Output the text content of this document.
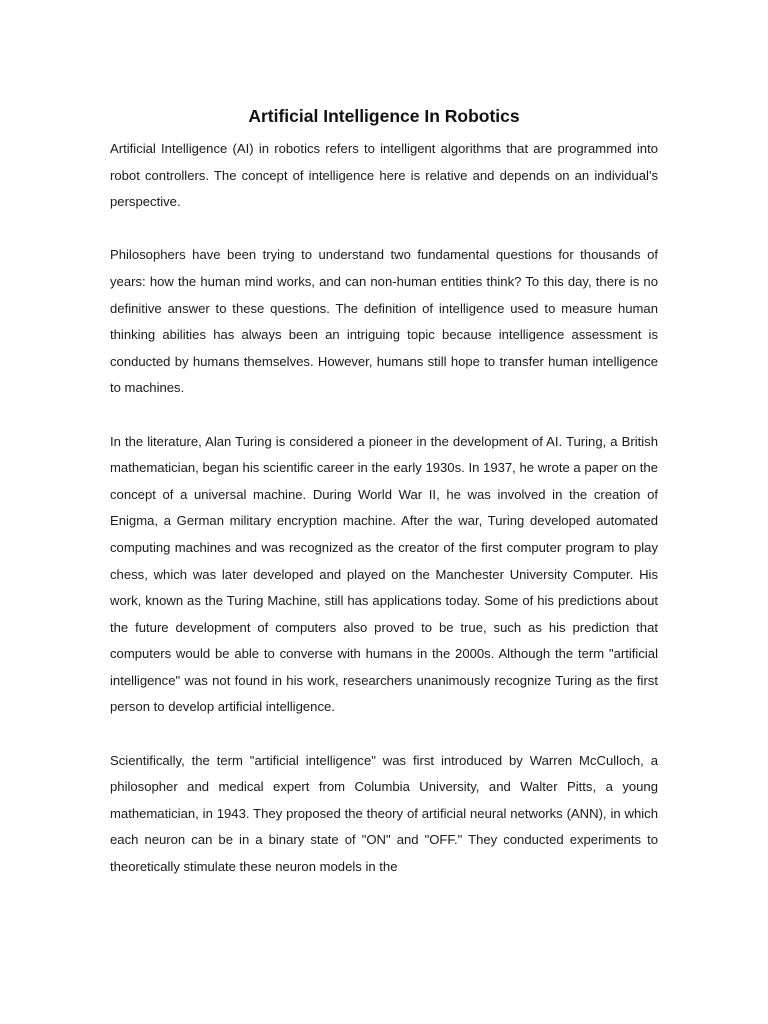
Artificial Intelligence In Robotics

Artificial Intelligence (AI) in robotics refers to intelligent algorithms that are programmed into robot controllers. The concept of intelligence here is relative and depends on an individual's perspective.

Philosophers have been trying to understand two fundamental questions for thousands of years: how the human mind works, and can non-human entities think? To this day, there is no definitive answer to these questions. The definition of intelligence used to measure human thinking abilities has always been an intriguing topic because intelligence assessment is conducted by humans themselves. However, humans still hope to transfer human intelligence to machines.

In the literature, Alan Turing is considered a pioneer in the development of AI. Turing, a British mathematician, began his scientific career in the early 1930s. In 1937, he wrote a paper on the concept of a universal machine. During World War II, he was involved in the creation of Enigma, a German military encryption machine. After the war, Turing developed automated computing machines and was recognized as the creator of the first computer program to play chess, which was later developed and played on the Manchester University Computer. His work, known as the Turing Machine, still has applications today. Some of his predictions about the future development of computers also proved to be true, such as his prediction that computers would be able to converse with humans in the 2000s. Although the term "artificial intelligence" was not found in his work, researchers unanimously recognize Turing as the first person to develop artificial intelligence.

Scientifically, the term "artificial intelligence" was first introduced by Warren McCulloch, a philosopher and medical expert from Columbia University, and Walter Pitts, a young mathematician, in 1943. They proposed the theory of artificial neural networks (ANN), in which each neuron can be in a binary state of "ON" and "OFF." They conducted experiments to theoretically stimulate these neuron models in the
